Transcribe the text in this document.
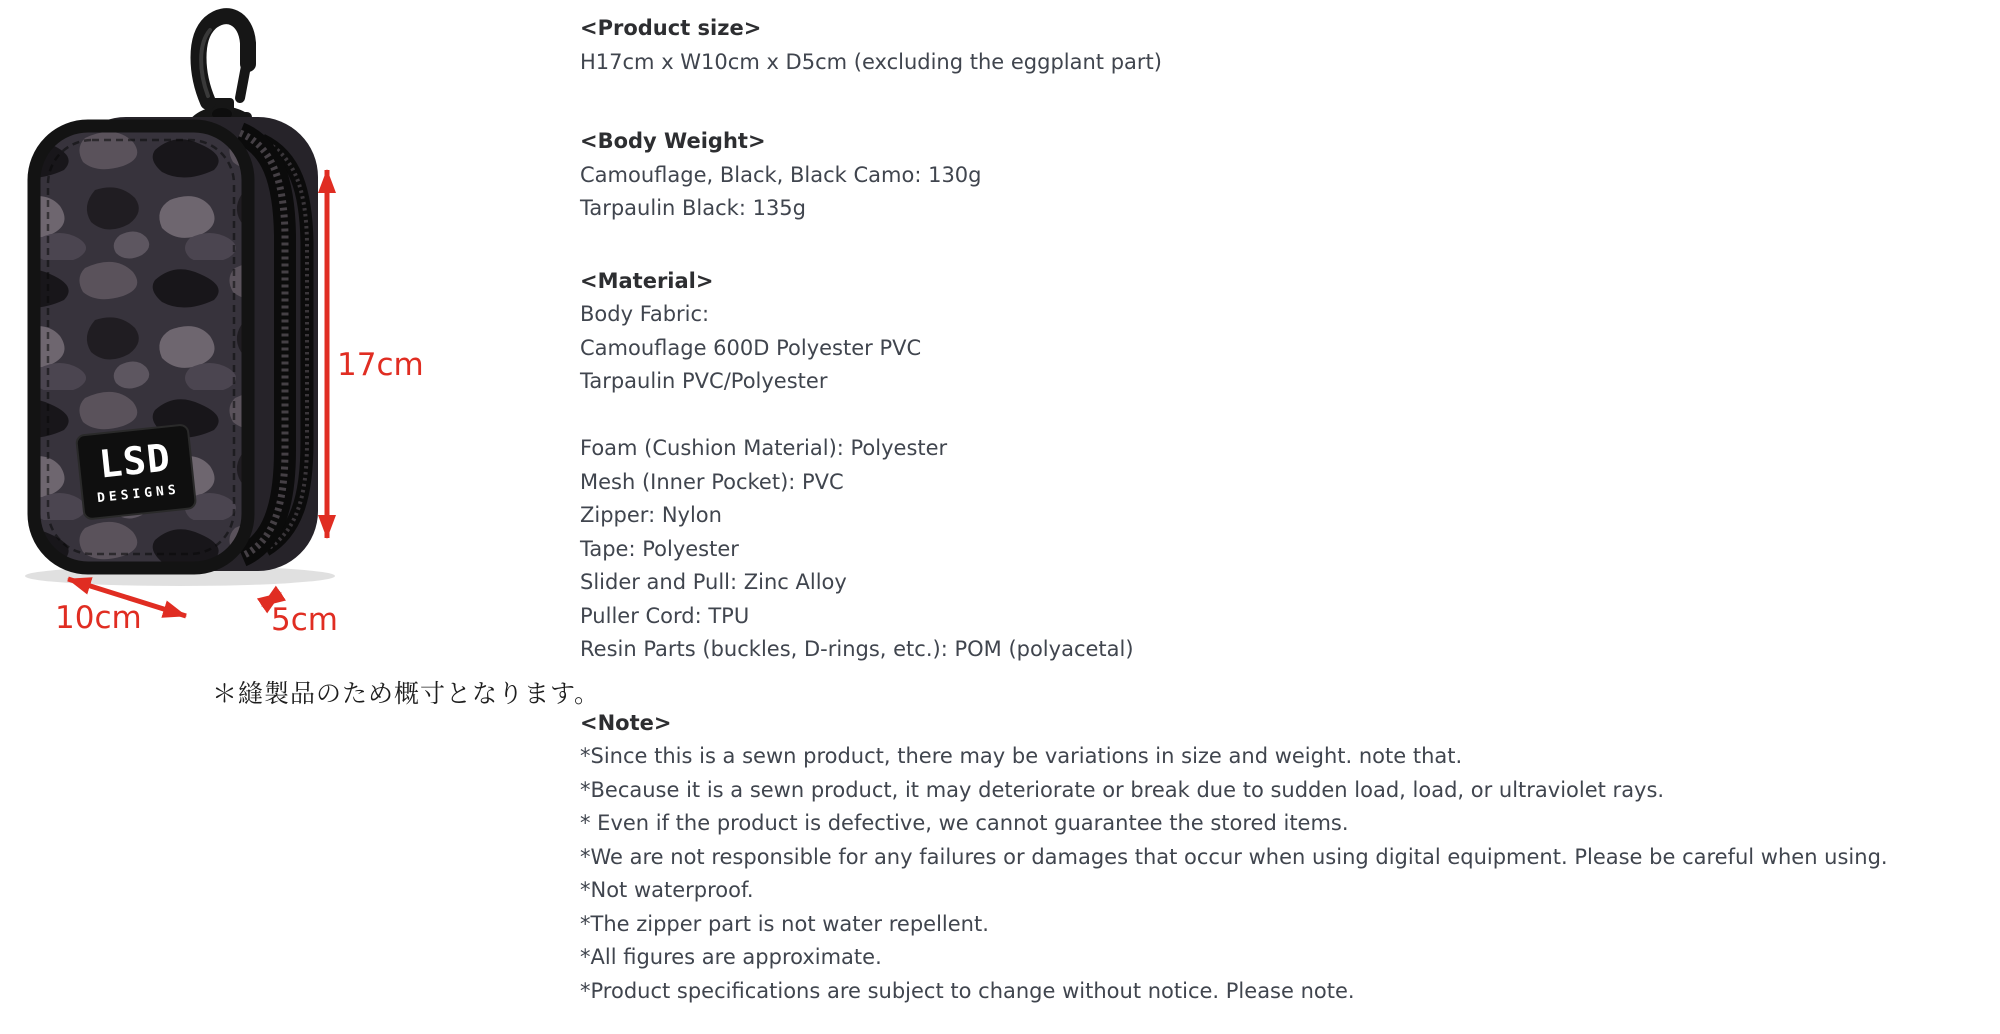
LSD
DESIGNS
17cm
10cm	5cm
＊縫製品のため概寸となります。
<Product size>
H17cm x W10cm x D5cm (excluding the eggplant part)
<Body Weight>
Camouflage, Black, Black Camo: 130g
Tarpaulin Black: 135g
<Material>
Body Fabric:
Camouflage 600D Polyester PVC
Tarpaulin PVC/Polyester
Foam (Cushion Material): Polyester
Mesh (Inner Pocket): PVC
Zipper: Nylon
Tape: Polyester
Slider and Pull: Zinc Alloy
Puller Cord: TPU
Resin Parts (buckles, D-rings, etc.): POM (polyacetal)
<Note>
*Since this is a sewn product, there may be variations in size and weight. note that.
*Because it is a sewn product, it may deteriorate or break due to sudden load, load, or ultraviolet rays.
* Even if the product is defective, we cannot guarantee the stored items.
*We are not responsible for any failures or damages that occur when using digital equipment. Please be careful when using.
*Not waterproof.
*The zipper part is not water repellent.
*All figures are approximate.
*Product specifications are subject to change without notice. Please note.
